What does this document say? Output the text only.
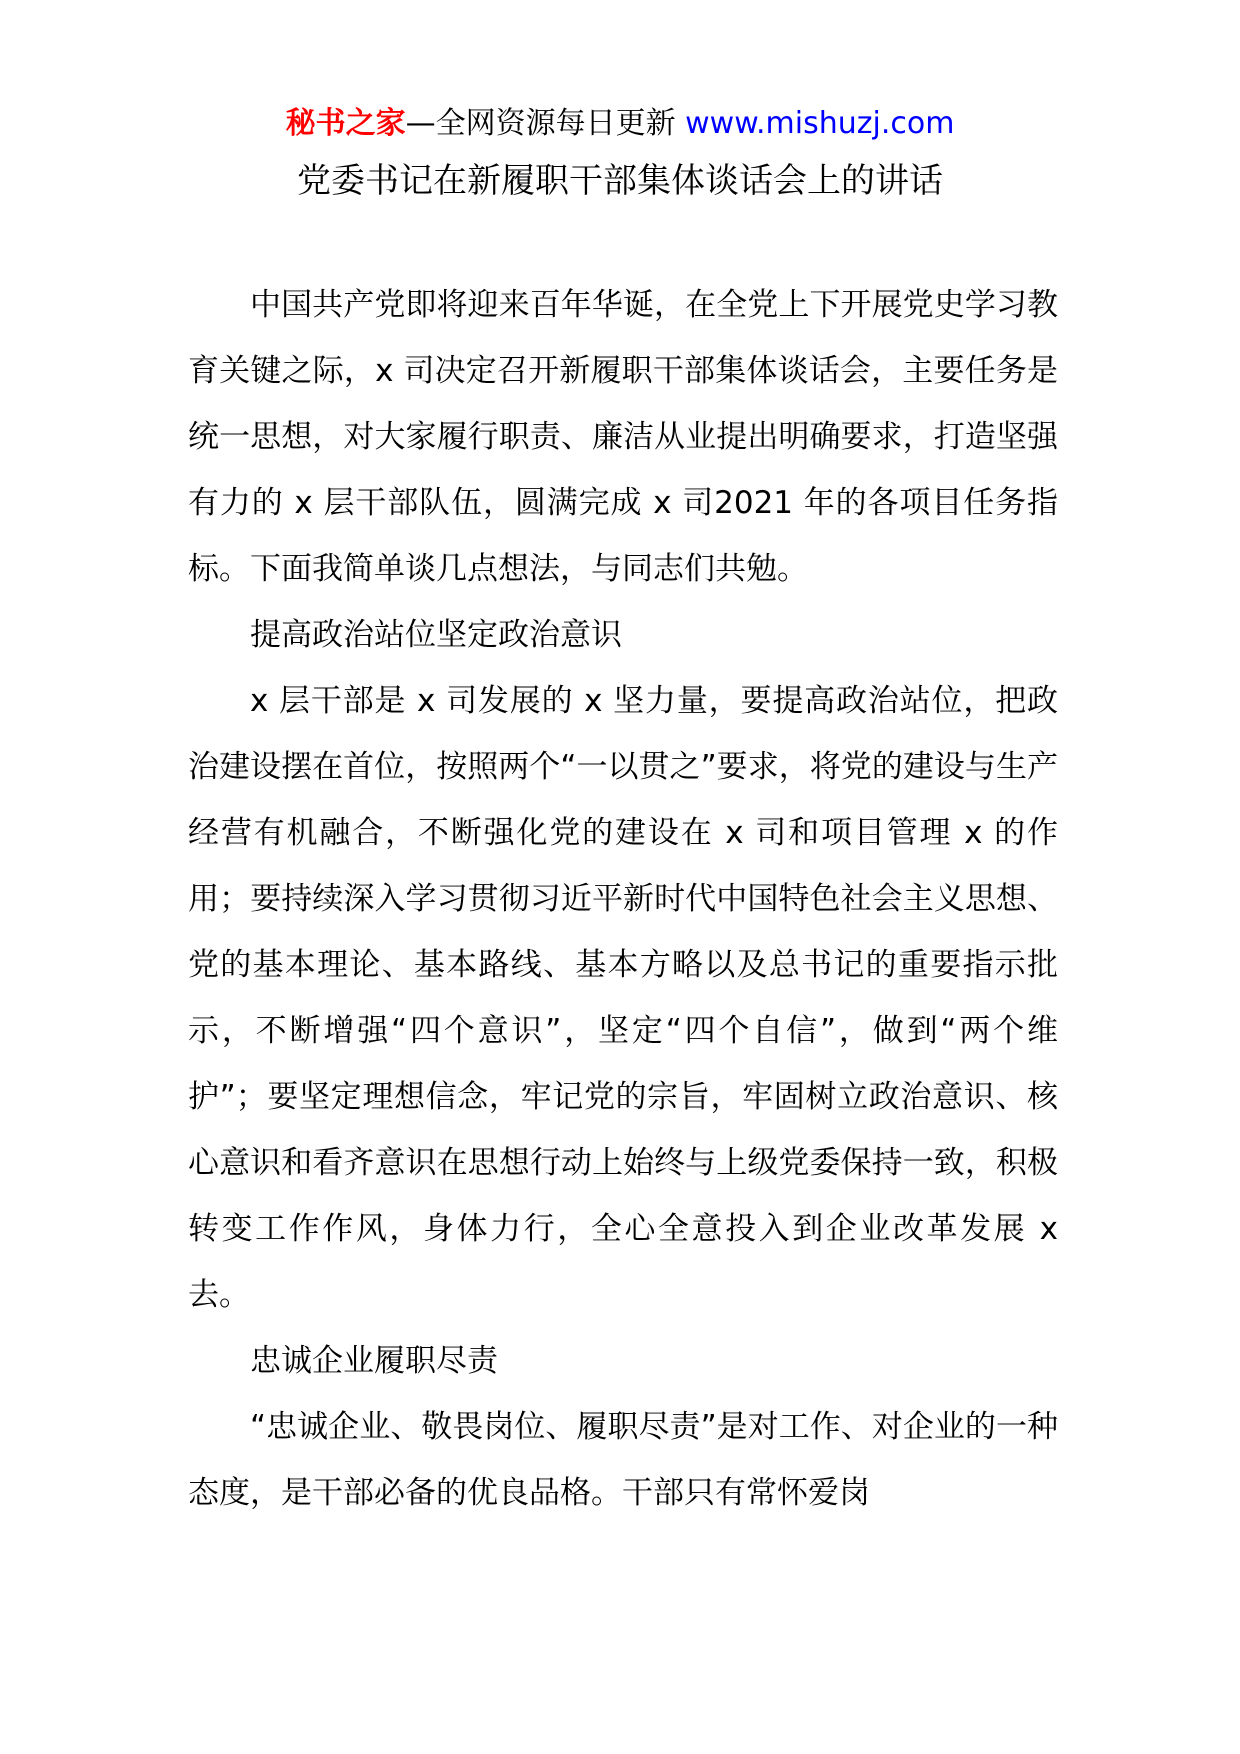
秘书之家—全网资源每日更新 www.mishuzj.com
党委书记在新履职干部集体谈话会上的讲话

中国共产党即将迎来百年华诞，在全党上下开展党史学习教育关键之际，x 司决定召开新履职干部集体谈话会，主要任务是统一思想，对大家履行职责、廉洁从业提出明确要求，打造坚强有力的 x 层干部队伍，圆满完成 x 司2021 年的各项目任务指标。下面我简单谈几点想法，与同志们共勉。

提高政治站位坚定政治意识

x 层干部是 x 司发展的 x 坚力量，要提高政治站位，把政治建设摆在首位，按照两个“一以贯之”要求，将党的建设与生产经营有机融合，不断强化党的建设在 x 司和项目管理 x 的作用；要持续深入学习贯彻习近平新时代中国特色社会主义思想、党的基本理论、基本路线、基本方略以及总书记的重要指示批示，不断增强“四个意识”，坚定“四个自信”，做到“两个维护”；要坚定理想信念，牢记党的宗旨，牢固树立政治意识、核心意识和看齐意识在思想行动上始终与上级党委保持一致，积极转变工作作风，身体力行，全心全意投入到企业改革发展 x 去。

忠诚企业履职尽责

“忠诚企业、敬畏岗位、履职尽责”是对工作、对企业的一种态度，是干部必备的优良品格。干部只有常怀爱岗
